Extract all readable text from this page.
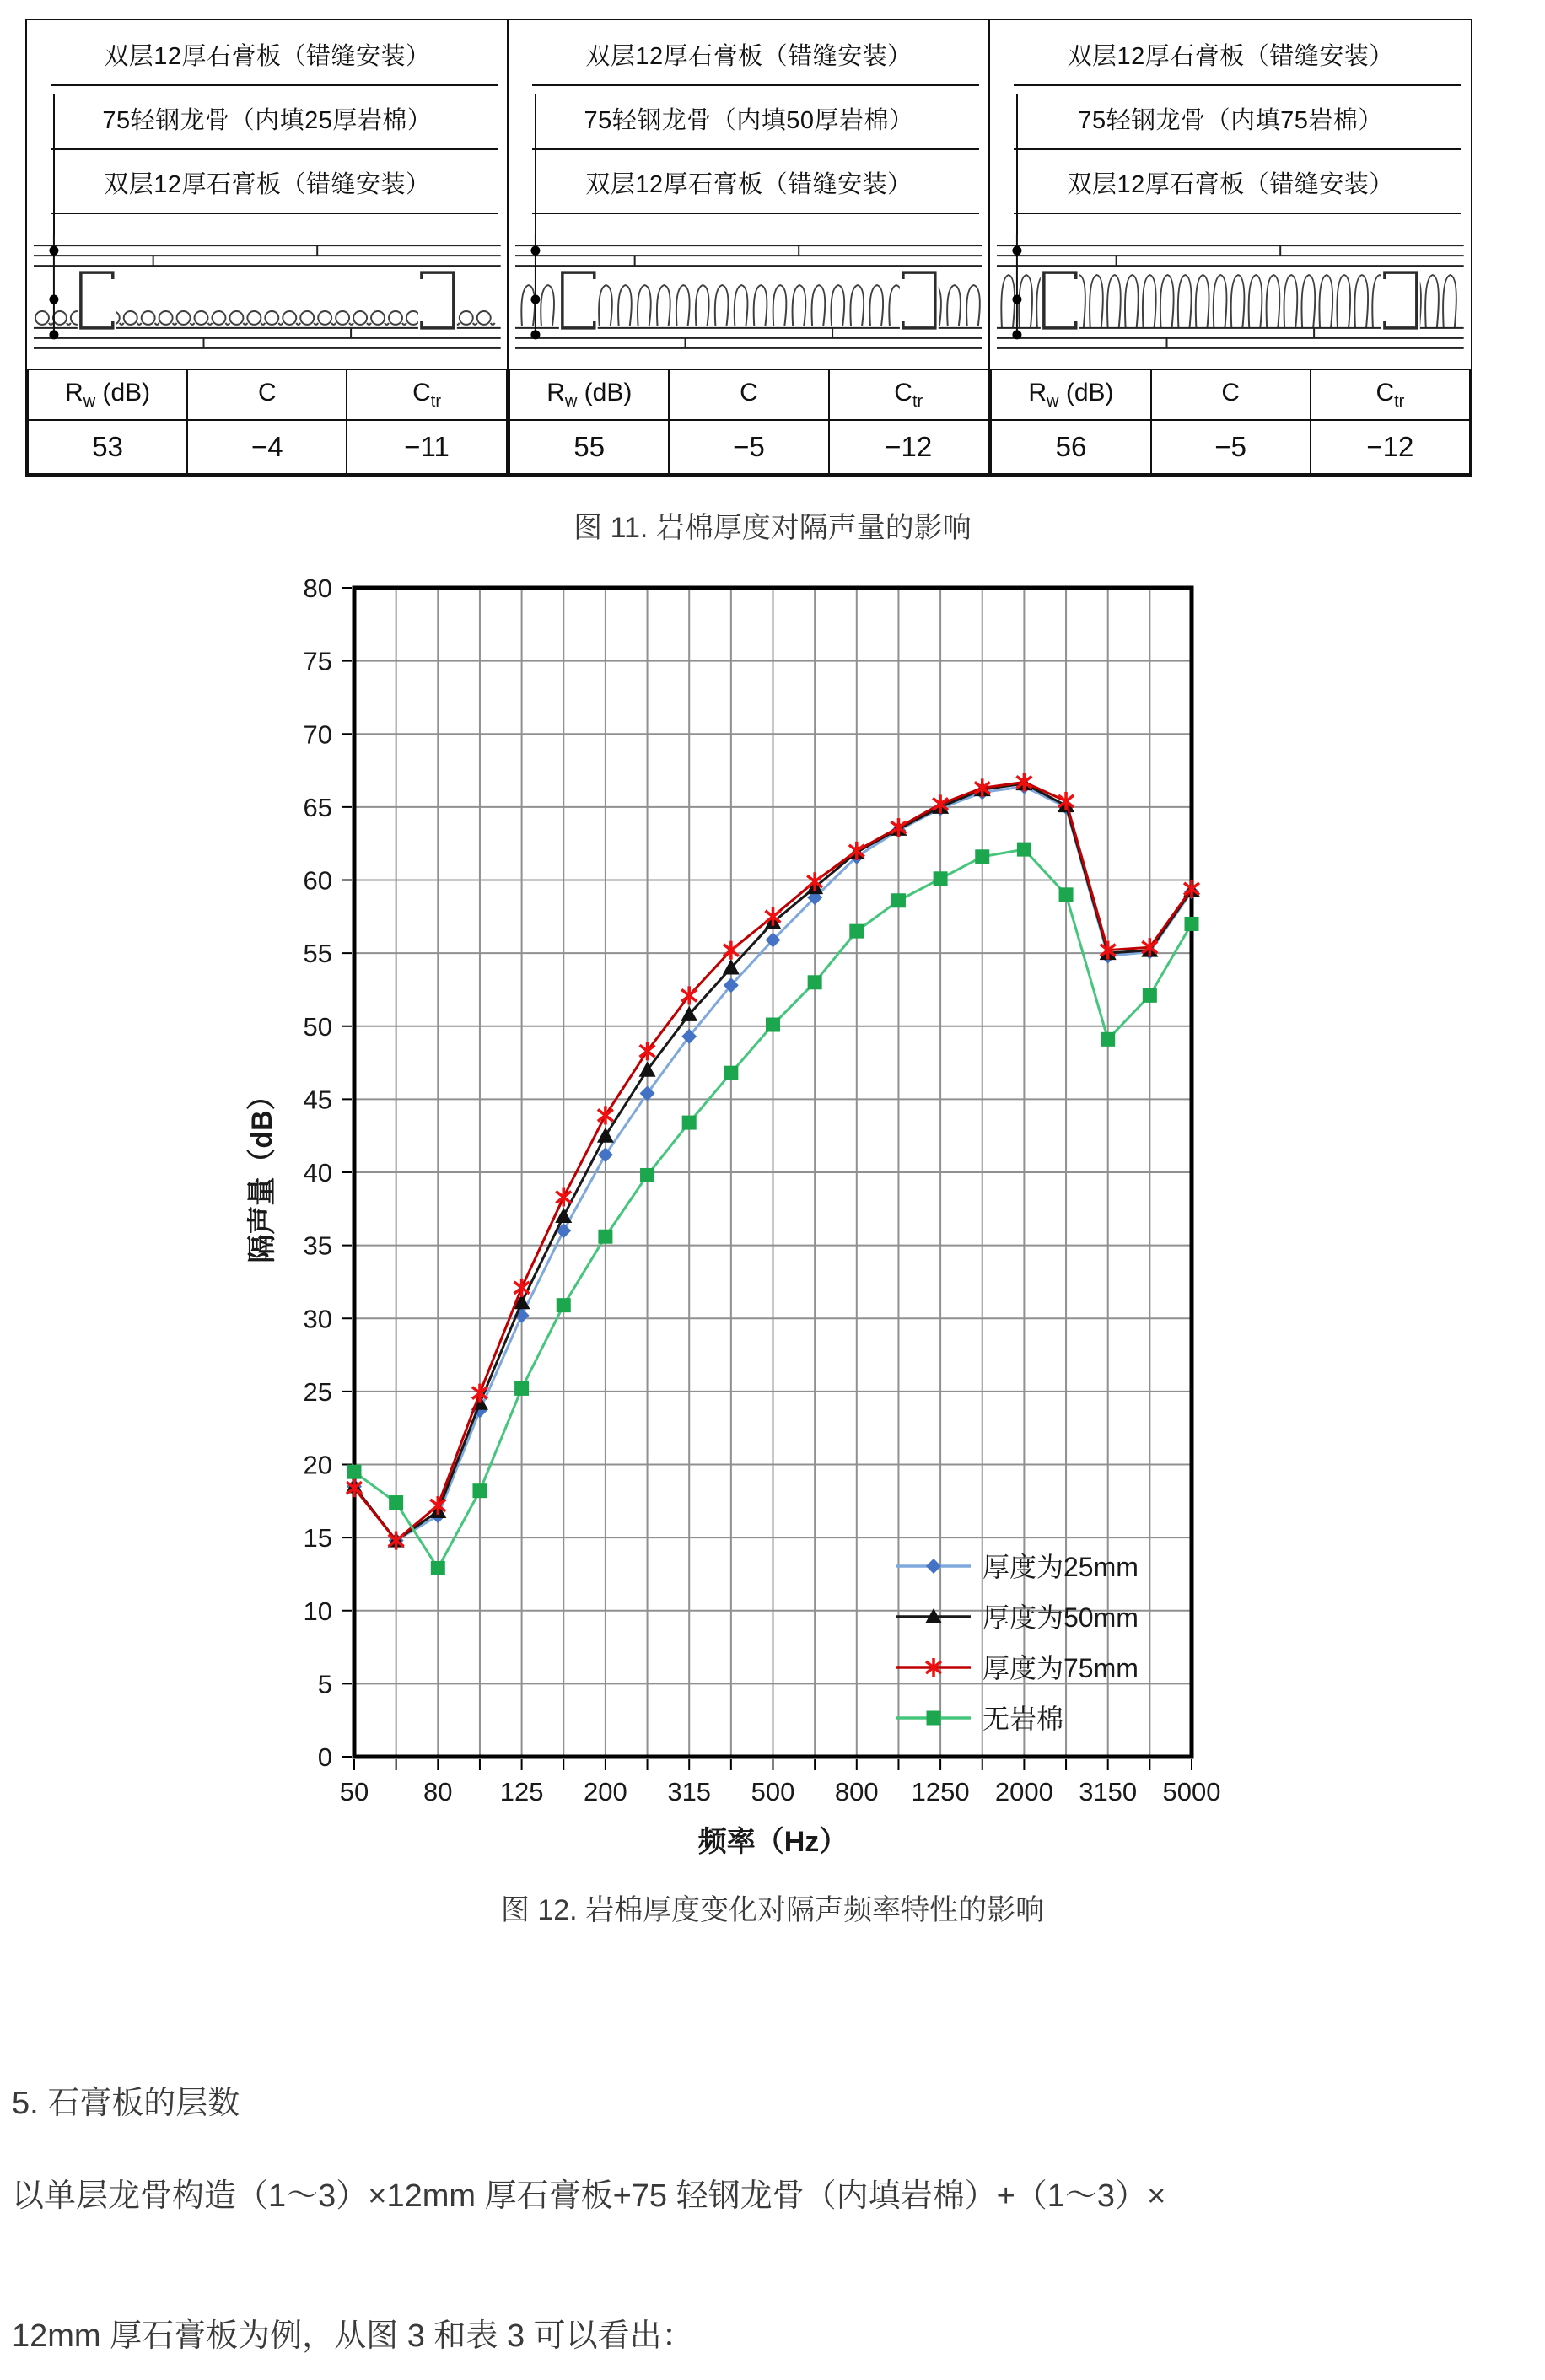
双层12厚石膏板（错缝安装）
75轻钢龙骨（内填25厚岩棉）
双层12厚石膏板（错缝安装）
$R_w$ (dB)	C	$C_{tr}$
53	−4	−11
双层12厚石膏板（错缝安装）
75轻钢龙骨（内填50厚岩棉）
双层12厚石膏板（错缝安装）
$R_w$ (dB)	C	$C_{tr}$
55	−5	−12
双层12厚石膏板（错缝安装）
75轻钢龙骨（内填75岩棉）
双层12厚石膏板（错缝安装）
$R_w$ (dB)	C	$C_{tr}$
56	−5	−12
图 11. 岩棉厚度对隔声量的影响
0
5
10
15
20
25
30
35
40
45
50
55
60
65
70
75
80
50 80 125 200 315 500 800 1250 2000 3150 5000
频率（Hz）
隔声量（dB）
厚度为25mm
厚度为50mm
厚度为75mm
无岩棉
图 12. 岩棉厚度变化对隔声频率特性的影响
5. 石膏板的层数
以单层龙骨构造（1～3）×12mm 厚石膏板+75 轻钢龙骨（内填岩棉）+（1～3）×
12mm 厚石膏板为例，从图 3 和表 3 可以看出：
